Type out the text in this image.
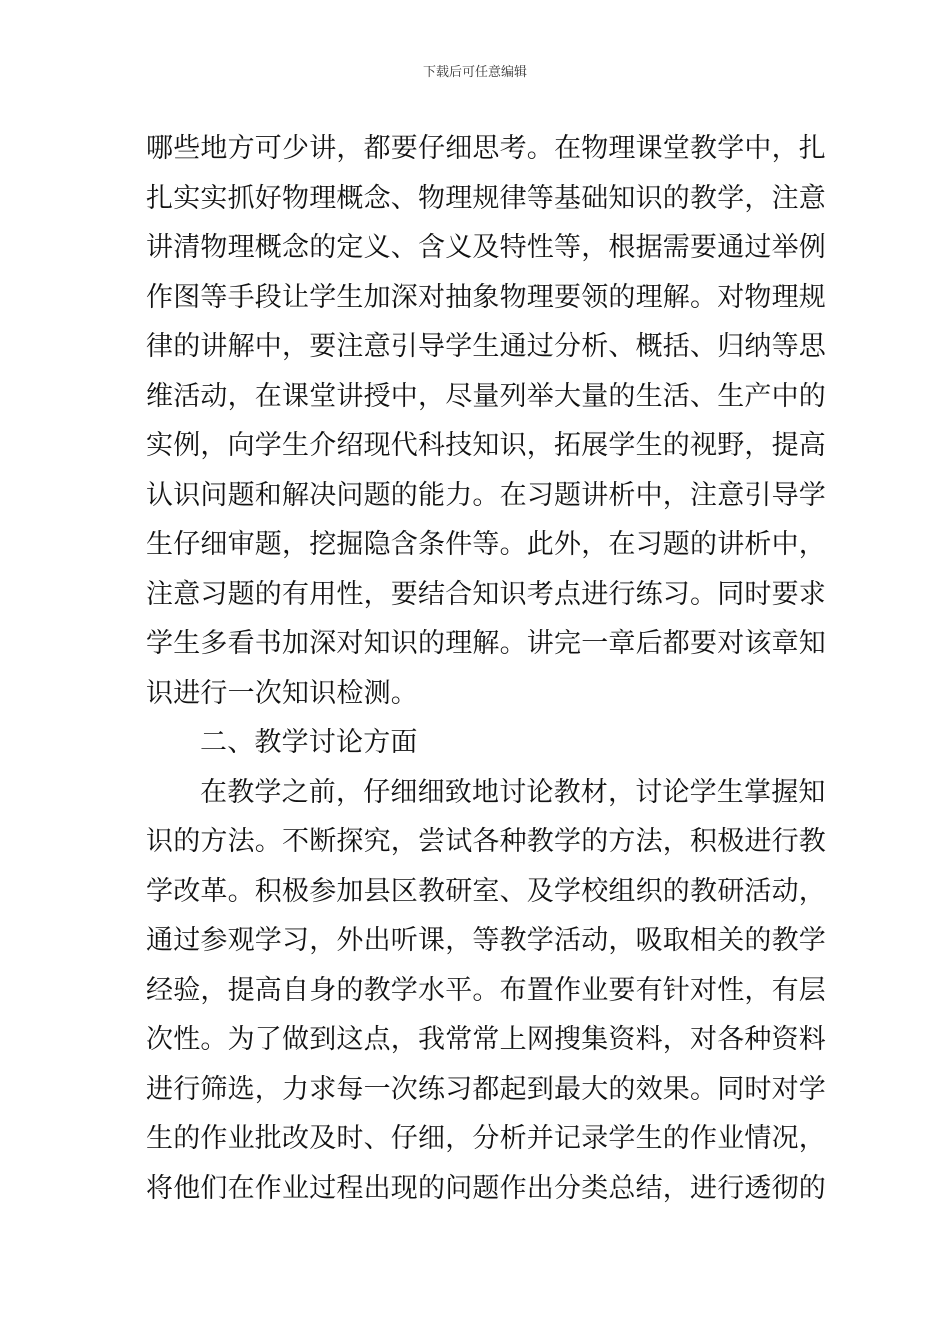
下载后可任意编辑
哪些地方可少讲，都要仔细思考。在物理课堂教学中，扎
扎实实抓好物理概念、物理规律等基础知识的教学，注意
讲清物理概念的定义、含义及特性等，根据需要通过举例
作图等手段让学生加深对抽象物理要领的理解。对物理规
律的讲解中，要注意引导学生通过分析、概括、归纳等思
维活动，在课堂讲授中，尽量列举大量的生活、生产中的
实例，向学生介绍现代科技知识，拓展学生的视野，提高
认识问题和解决问题的能力。在习题讲析中，注意引导学
生仔细审题，挖掘隐含条件等。此外，在习题的讲析中，
注意习题的有用性，要结合知识考点进行练习。同时要求
学生多看书加深对知识的理解。讲完一章后都要对该章知
识进行一次知识检测。
二、教学讨论方面
在教学之前，仔细细致地讨论教材，讨论学生掌握知
识的方法。不断探究，尝试各种教学的方法，积极进行教
学改革。积极参加县区教研室、及学校组织的教研活动，
通过参观学习，外出听课，等教学活动，吸取相关的教学
经验，提高自身的教学水平。布置作业要有针对性，有层
次性。为了做到这点，我常常上网搜集资料，对各种资料
进行筛选，力求每一次练习都起到最大的效果。同时对学
生的作业批改及时、仔细，分析并记录学生的作业情况，
将他们在作业过程出现的问题作出分类总结，进行透彻的
